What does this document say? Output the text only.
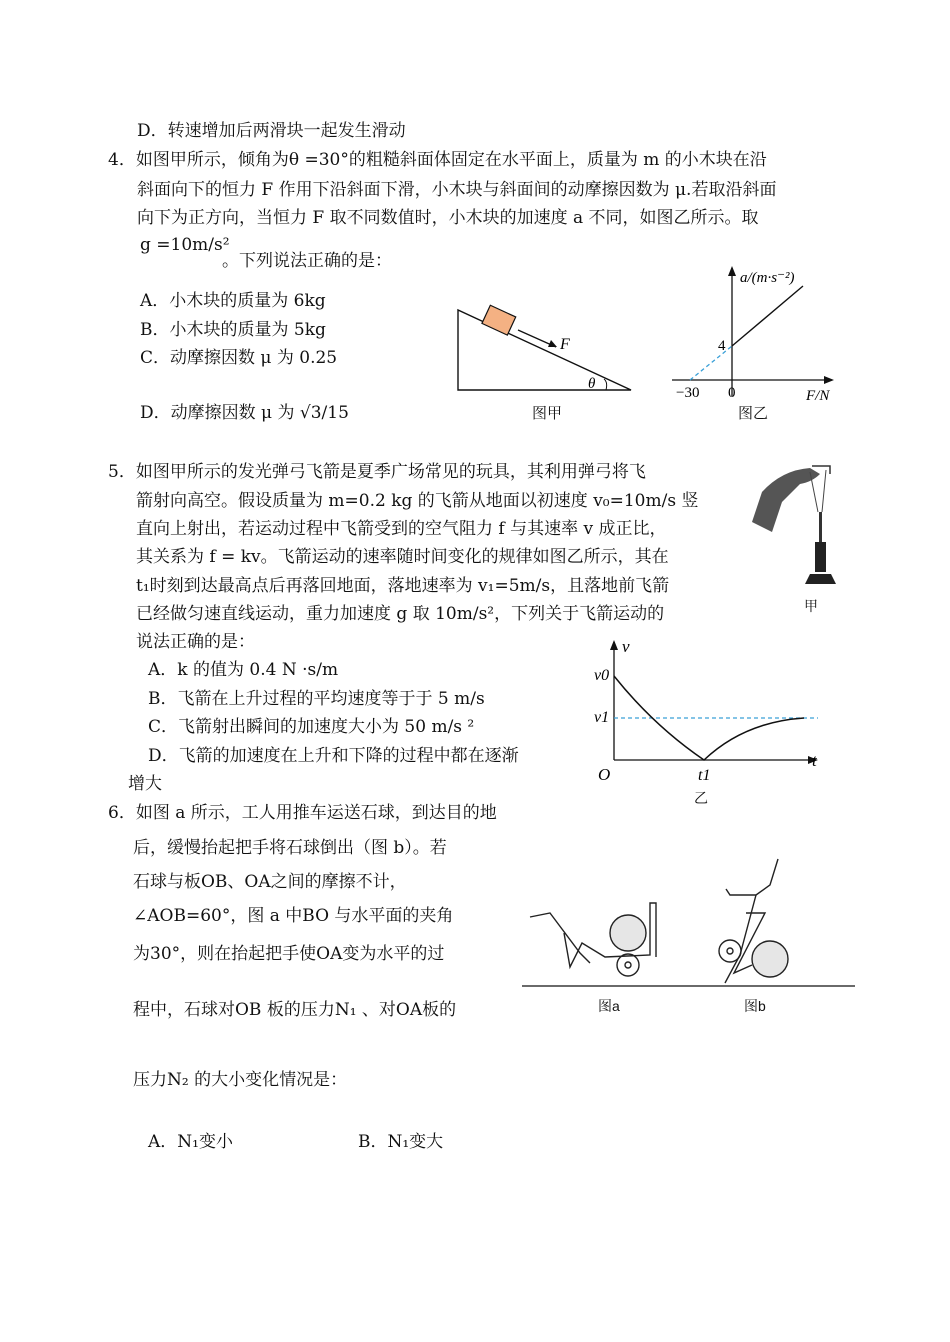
D．转速增加后两滑块一起发生滑动
4．如图甲所示，倾角为θ =30°的粗糙斜面体固定在水平面上，质量为 m 的小木块在沿
斜面向下的恒力 F 作用下沿斜面下滑，小木块与斜面间的动摩擦因数为 μ.若取沿斜面
向下为正方向，当恒力 F 取不同数值时，小木块的加速度 a 不同，如图乙所示。取
g =10m/s²
。下列说法正确的是：
A．小木块的质量为 6kg
B．小木块的质量为 5kg
C．动摩擦因数 μ 为 0.25
D．动摩擦因数 μ 为 √3/15
F
θ
图甲
a/(m·s⁻²)
4
−30 0	F/N
图乙
5．如图甲所示的发光弹弓飞箭是夏季广场常见的玩具，其利用弹弓将飞
箭射向高空。假设质量为 m=0.2 kg 的飞箭从地面以初速度 v₀=10m/s 竖
直向上射出，若运动过程中飞箭受到的空气阻力 f 与其速率 v 成正比，
其关系为 f = kv。飞箭运动的速率随时间变化的规律如图乙所示，其在
t₁时刻到达最高点后再落回地面，落地速率为 v₁=5m/s，且落地前飞箭
已经做匀速直线运动，重力加速度 g 取 10m/s²，下列关于飞箭运动的
说法正确的是：
A．k 的值为 0.4 N ·s/m
B．飞箭在上升过程的平均速度等于于 5 m/s
C．飞箭射出瞬间的加速度大小为 50 m/s ²
D．飞箭的加速度在上升和下降的过程中都在逐渐
增大
甲
v
v0
v1
O	t1
t
乙
6．如图 a 所示，工人用推车运送石球，到达目的地
后，缓慢抬起把手将石球倒出（图 b）。若
石球与板OB、OA之间的摩擦不计，
∠AOB=60°，图 a 中BO 与水平面的夹角
为30°，则在抬起把手使OA变为水平的过
程中，石球对OB 板的压力N₁ 、对OA板的
压力N₂ 的大小变化情况是：
A．N₁变小	B．N₁变大
图a	图b
